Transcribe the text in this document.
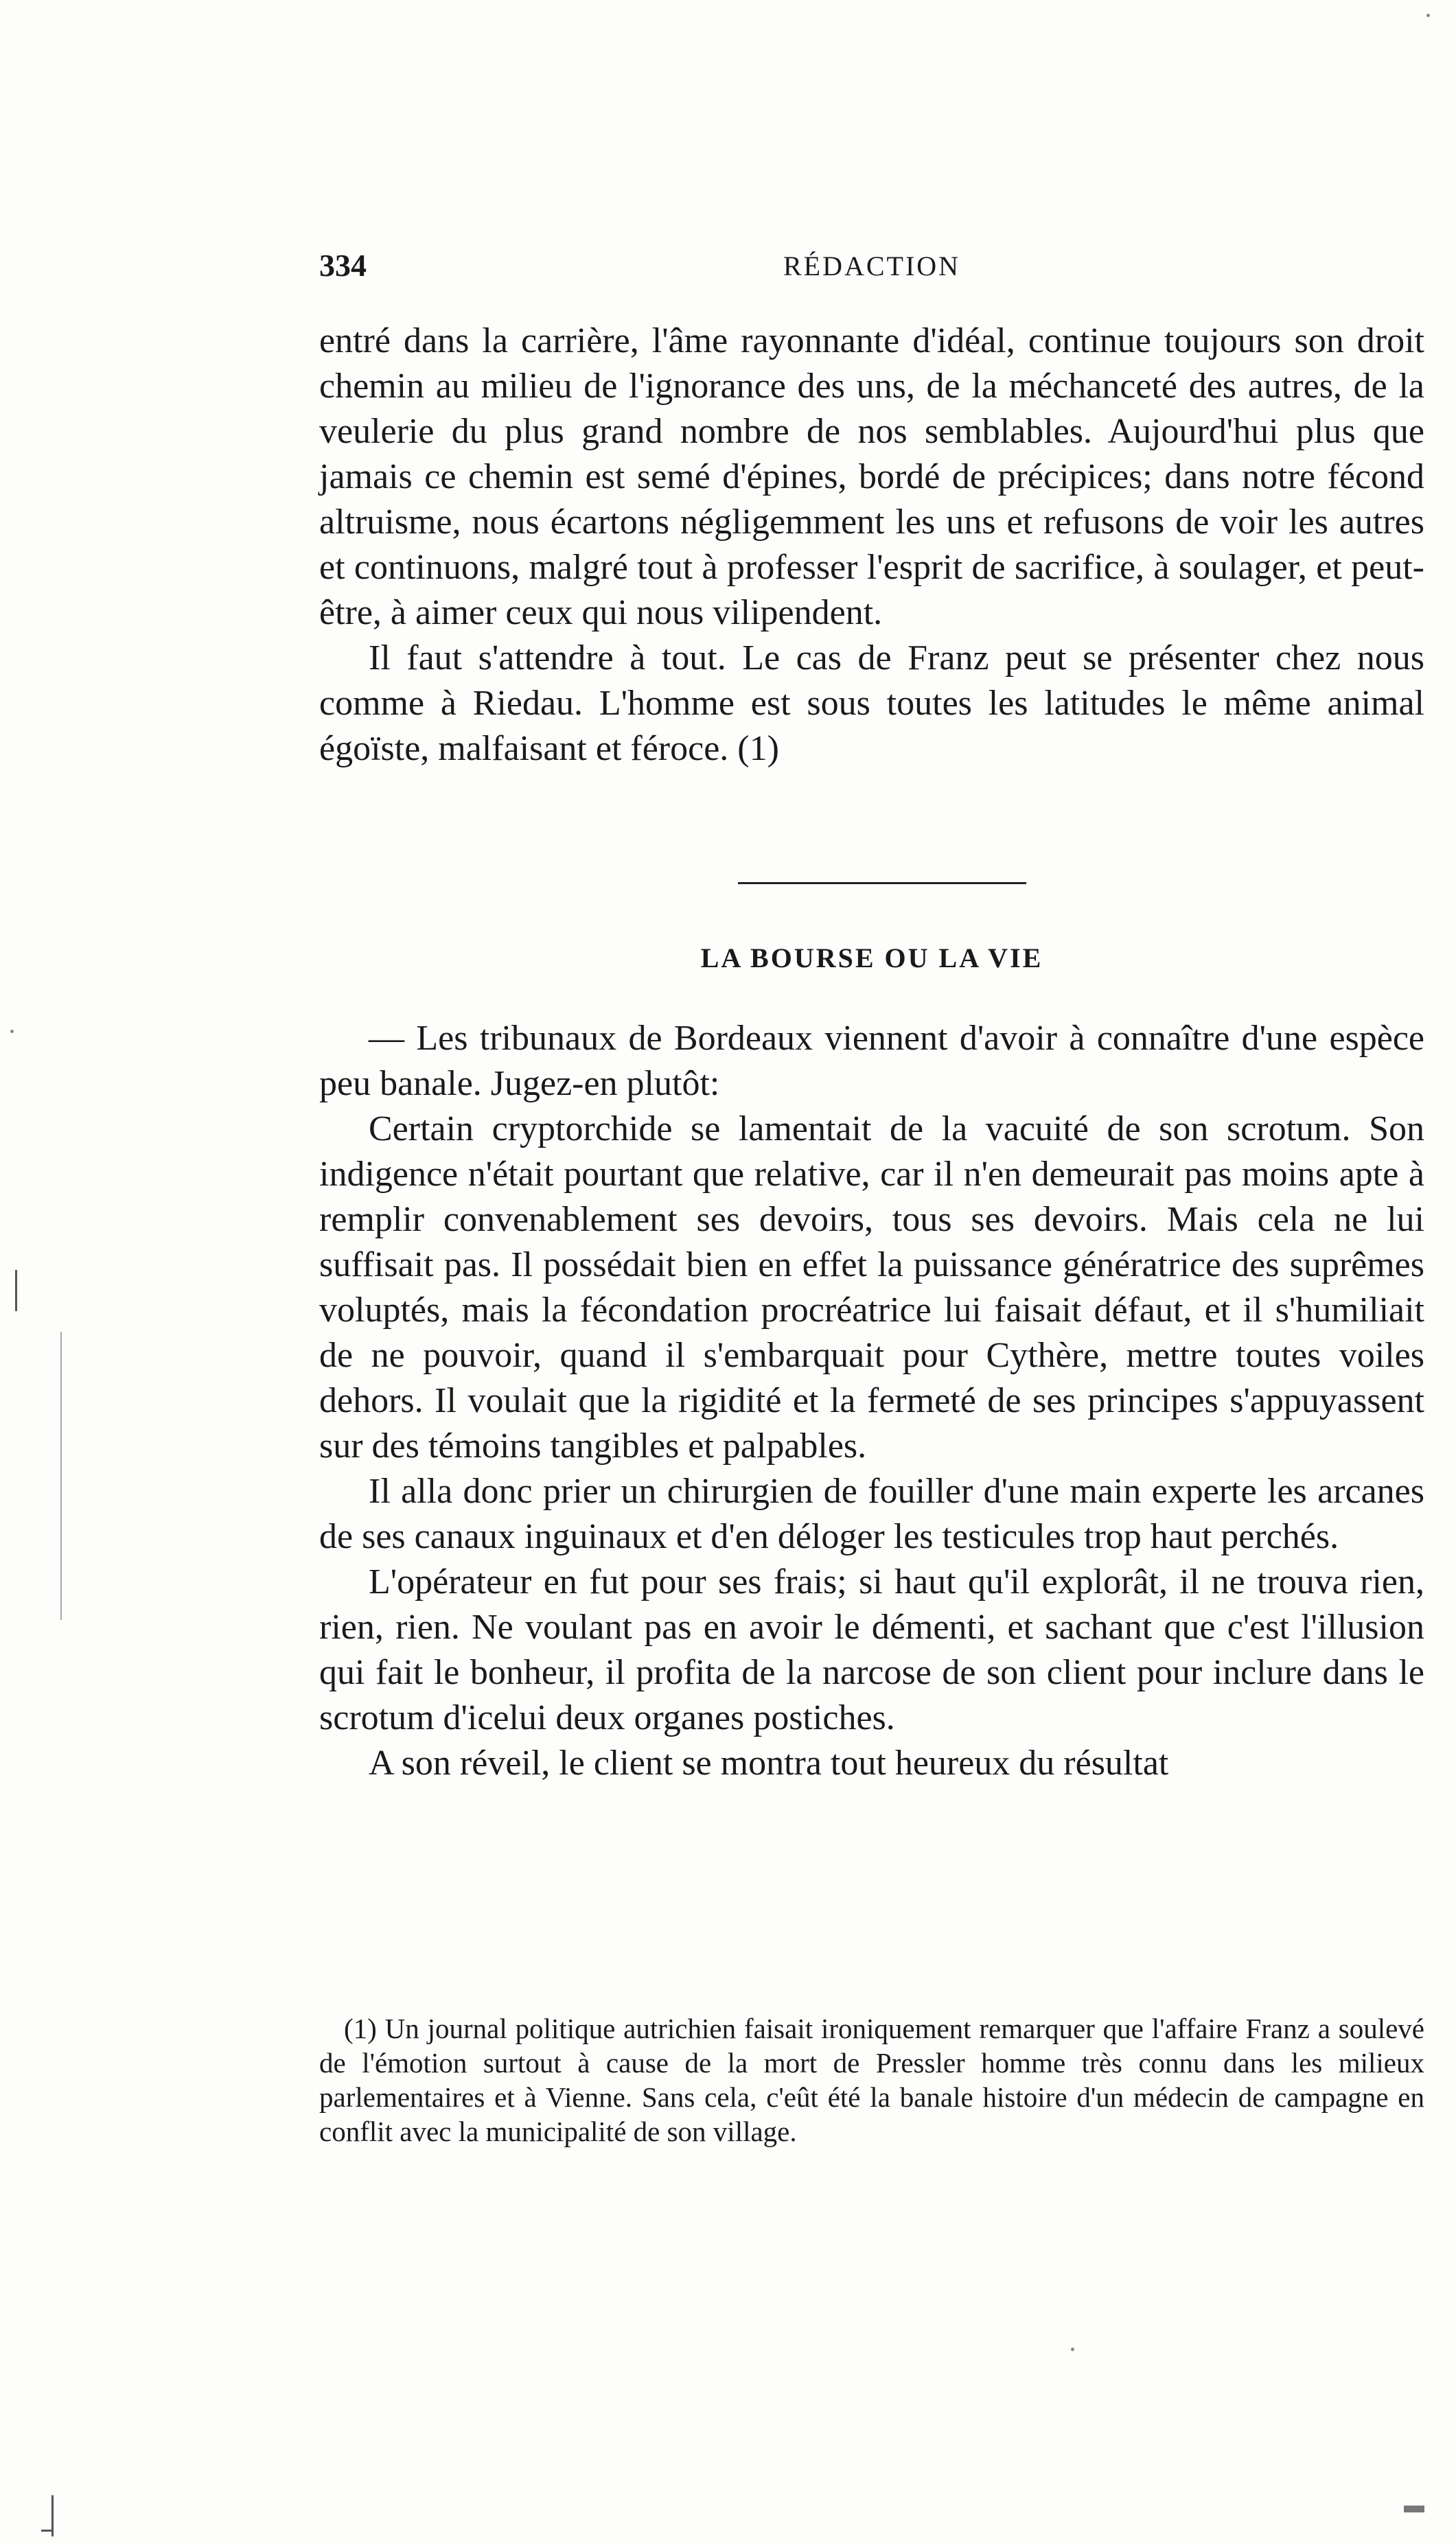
334	RÉDACTION

entré dans la carrière, l'âme rayonnante d'idéal, continue toujours son droit chemin au milieu de l'ignorance des uns, de la méchanceté des autres, de la veulerie du plus grand nombre de nos semblables. Aujourd'hui plus que jamais ce chemin est semé d'épines, bordé de précipices; dans notre fécond altruisme, nous écartons négligemment les uns et refusons de voir les autres et continuons, malgré tout à professer l'esprit de sacrifice, à soulager, et peut-être, à aimer ceux qui nous vilipendent.

Il faut s'attendre à tout. Le cas de Franz peut se présenter chez nous comme à Riedau. L'homme est sous toutes les latitudes le même animal égoïste, malfaisant et féroce. (1)

LA BOURSE OU LA VIE

— Les tribunaux de Bordeaux viennent d'avoir à connaître d'une espèce peu banale. Jugez-en plutôt:

Certain cryptorchide se lamentait de la vacuité de son scrotum. Son indigence n'était pourtant que relative, car il n'en demeurait pas moins apte à remplir convenablement ses devoirs, tous ses devoirs. Mais cela ne lui suffisait pas. Il possédait bien en effet la puissance génératrice des suprêmes voluptés, mais la fécondation procréatrice lui faisait défaut, et il s'humiliait de ne pouvoir, quand il s'embarquait pour Cythère, mettre toutes voiles dehors. Il voulait que la rigidité et la fermeté de ses principes s'appuyassent sur des témoins tangibles et palpables.

Il alla donc prier un chirurgien de fouiller d'une main experte les arcanes de ses canaux inguinaux et d'en déloger les testicules trop haut perchés.

L'opérateur en fut pour ses frais; si haut qu'il explorât, il ne trouva rien, rien, rien. Ne voulant pas en avoir le démenti, et sachant que c'est l'illusion qui fait le bonheur, il profita de la narcose de son client pour inclure dans le scrotum d'icelui deux organes postiches.

A son réveil, le client se montra tout heureux du résultat

(1) Un journal politique autrichien faisait ironiquement remarquer que l'affaire Franz a soulevé de l'émotion surtout à cause de la mort de Pressler homme très connu dans les milieux parlementaires et à Vienne. Sans cela, c'eût été la banale histoire d'un médecin de campagne en conflit avec la municipalité de son village.
